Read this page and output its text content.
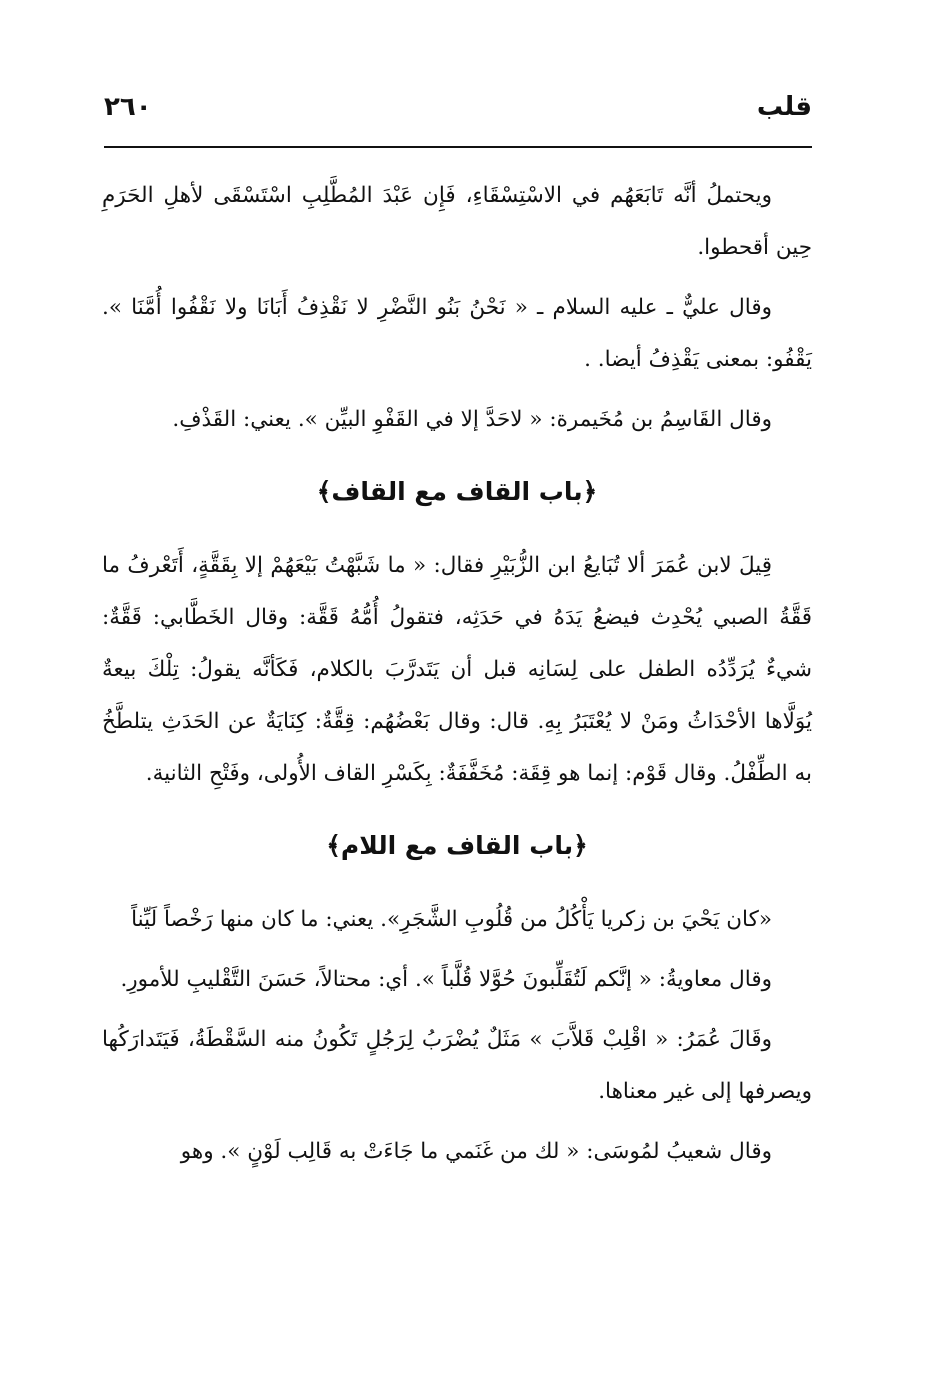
٢٦٠	قلب

ويحتملُ أنَّه تَابَعَهُم في الاسْتِسْقَاءِ، فَإِن عَبْدَ المُطَّلِبِ اسْتَسْقَى لأهلِ الحَرَمِ حِين أقحطوا.

وقال عليٌّ ـ عليه السلام ـ « نَحْنُ بَنُو النَّضْرِ لا نَقْذِفُ أَبَانَا ولا نَقْفُوا أُمَّنَا ». يَقْفُو: بمعنى يَقْذِفُ أيضا. .

وقال القَاسِمُ بن مُخَيمرة: « لاحَدَّ إلا في القَفْوِ البيِّن ». يعني: القَذْفِ.

﴿باب القاف مع القاف﴾

قِيلَ لابن عُمَرَ ألا تُبَايعُ ابن الزُّبَيْرِ فقال: « ما شَبَّهْتُ بَيْعَهُمْ إلا بِقَقَّةٍ، أَتَعْرفُ ما قَقَّةُ الصبي يُحْدِث فيضعُ يَدَهُ في حَدَثِه، فتقولُ أُمُّهُ قَقَّة: وقال الخَطَّابي: قَقَّةٌ: شيءٌ يُرَدِّدُه الطفل على لِسَانِه قبل أن يَتَدرَّبَ بالكلام، فَكَأنَّه يقولُ: تِلْكَ بيعةٌ يُوَلَّاها الأحْدَاثُ ومَنْ لا يُعْتَبَرُ بِهِ. قال: وقال بَعْضُهُم: قِقَّةٌ: كِنَايَةٌ عن الحَدَثِ يتلطَّخُ به الطِّفْلُ. وقال قَوْم: إنما هو قِقَة: مُخَفَّفَةٌ: بِكَسْرِ القاف الأُولى، وفَتْحِ الثانية.

﴿باب القاف مع اللام﴾

«كان يَحْيَ بن زكريا يَأْكُلُ من قُلُوبِ الشَّجَرِ». يعني: ما كان منها رَخْصاً لَيِّناً

وقال معاويةُ: « إنَّكم لَتُقَلِّبونَ حُوَّلا قُلَّباً ». أي: محتالاً، حَسَنَ التَّقْليبِ للأمورِ.

وقَالَ عُمَرُ: « اقْلِبْ قَلاَّبَ » مَثَلٌ يُضْرَبُ لِرَجُلٍ تَكُونُ منه السَّقْطَةُ، فَيَتَدارَكُها ويصرفها إلى غير معناها.

وقال شعيبُ لمُوسَى: « لك من غَنَمي ما جَاءَتْ به قَالِب لَوْنٍ ». وهو
